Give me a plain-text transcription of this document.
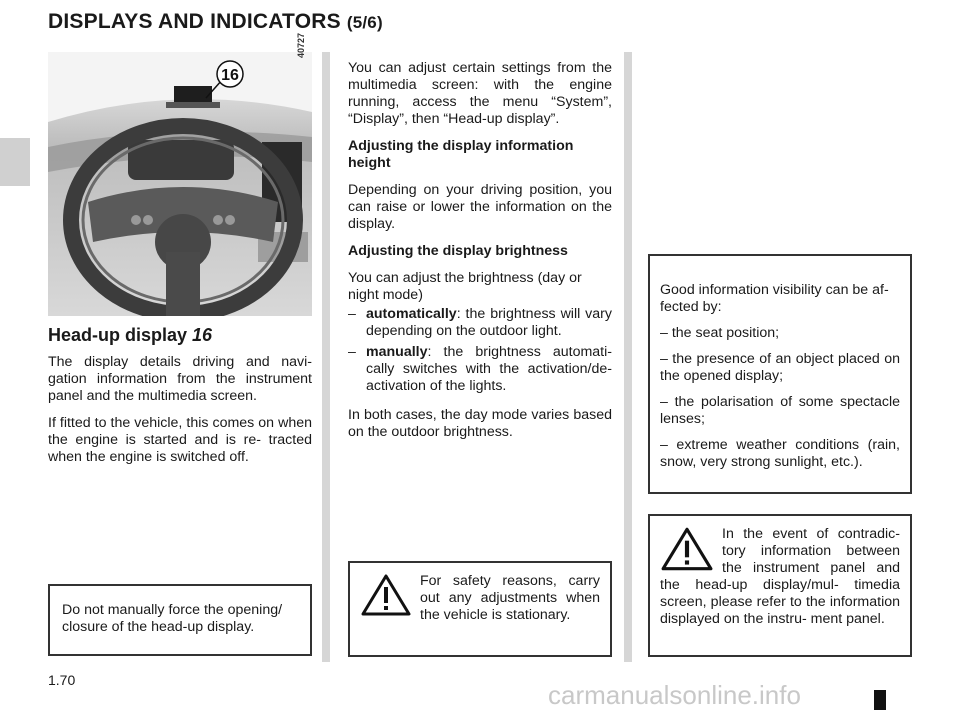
DISPLAYS AND INDICATORS (5/6)
16
40727
Head-up display 16

The display details driving and navi- gation information from the instrument panel and the multimedia screen.

If fitted to the vehicle, this comes on when the engine is started and is re- tracted when the engine is switched off.

Do not manually force the opening/ closure of the head-up display.

You can adjust certain settings from the multimedia screen: with the engine running, access the menu “System”, “Display”, then “Head-up display”.

Adjusting the display information height

Depending on your driving position, you can raise or lower the information on the display.

Adjusting the display brightness

You can adjust the brightness (day or night mode)

– automatically: the brightness will vary depending on the outdoor light.
– manually: the brightness automati- cally switches with the activation/de- activation of the lights.

In both cases, the day mode varies based on the outdoor brightness.

For safety reasons, carry out any adjustments when the vehicle is stationary.

Good information visibility can be af- fected by:

– the seat position;

– the presence of an object placed on the opened display;

– the polarisation of some spectacle lenses;

– extreme weather conditions (rain, snow, very strong sunlight, etc.).

In the event of contradic- tory information between the instrument panel and the head-up display/mul- timedia screen, please refer to the information displayed on the instru- ment panel.

1.70	carmanualsonline.info
